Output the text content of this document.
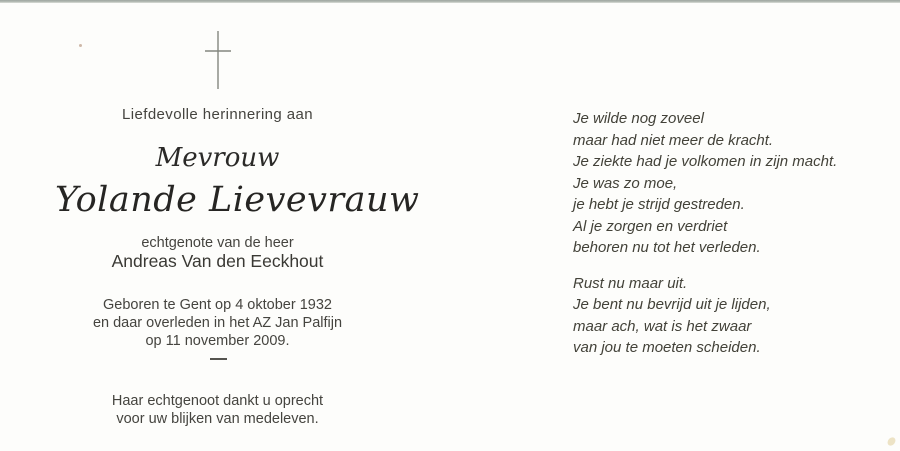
Liefdevolle herinnering aan
Mevrouw
Yolande Lievevrauw
echtgenote van de heer
Andreas Van den Eeckhout
Geboren te Gent op 4 oktober 1932
en daar overleden in het AZ Jan Palfijn
op 11 november 2009.
Haar echtgenoot dankt u oprecht
voor uw blijken van medeleven.
Je wilde nog zoveel
maar had niet meer de kracht.
Je ziekte had je volkomen in zijn macht.
Je was zo moe,
je hebt je strijd gestreden.
Al je zorgen en verdriet
behoren nu tot het verleden.
Rust nu maar uit.
Je bent nu bevrijd uit je lijden,
maar ach, wat is het zwaar
van jou te moeten scheiden.
